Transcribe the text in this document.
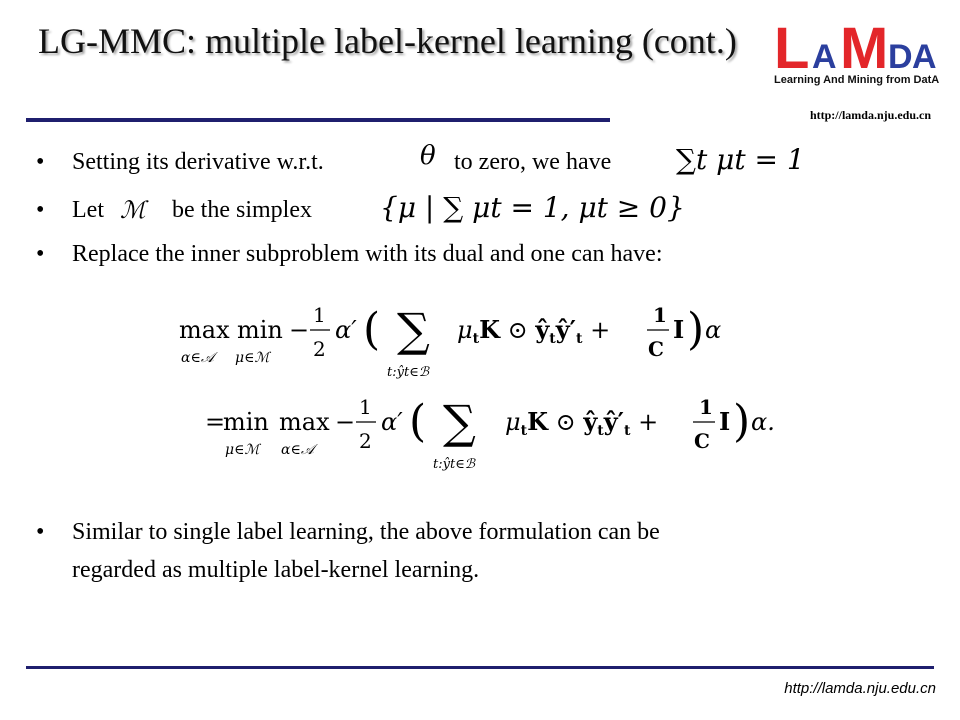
LG-MMC: multiple label-kernel learning (cont.) L A M D A
Learning And Mining from DatA
http://lamda.nju.edu.cn
• Setting its derivative w.r.t.	θ to zero, we have ∑t μt = 1
• Let ℳ be the simplex {μ | ∑ μt = 1, μt ≥ 0}
• Replace the inner subproblem with its dual and one can have:
max
α∈𝒜
min
μ∈ℳ
−
1
2
α′ ( ∑
t:ŷt∈ℬ
$\mu_tK$ ⊙ $ŷ_tŷ'_t$ +
1
C
I ) α
=
min
μ∈ℳ
max
α∈𝒜
−
1
2
α′ ( ∑
t:ŷt∈ℬ
$\mu_tK$ ⊙ $ŷ_tŷ'_t$ +
1
C
I ) α.
• Similar to single label learning, the above formulation can be
regarded as multiple label-kernel learning.
http://lamda.nju.edu.cn
